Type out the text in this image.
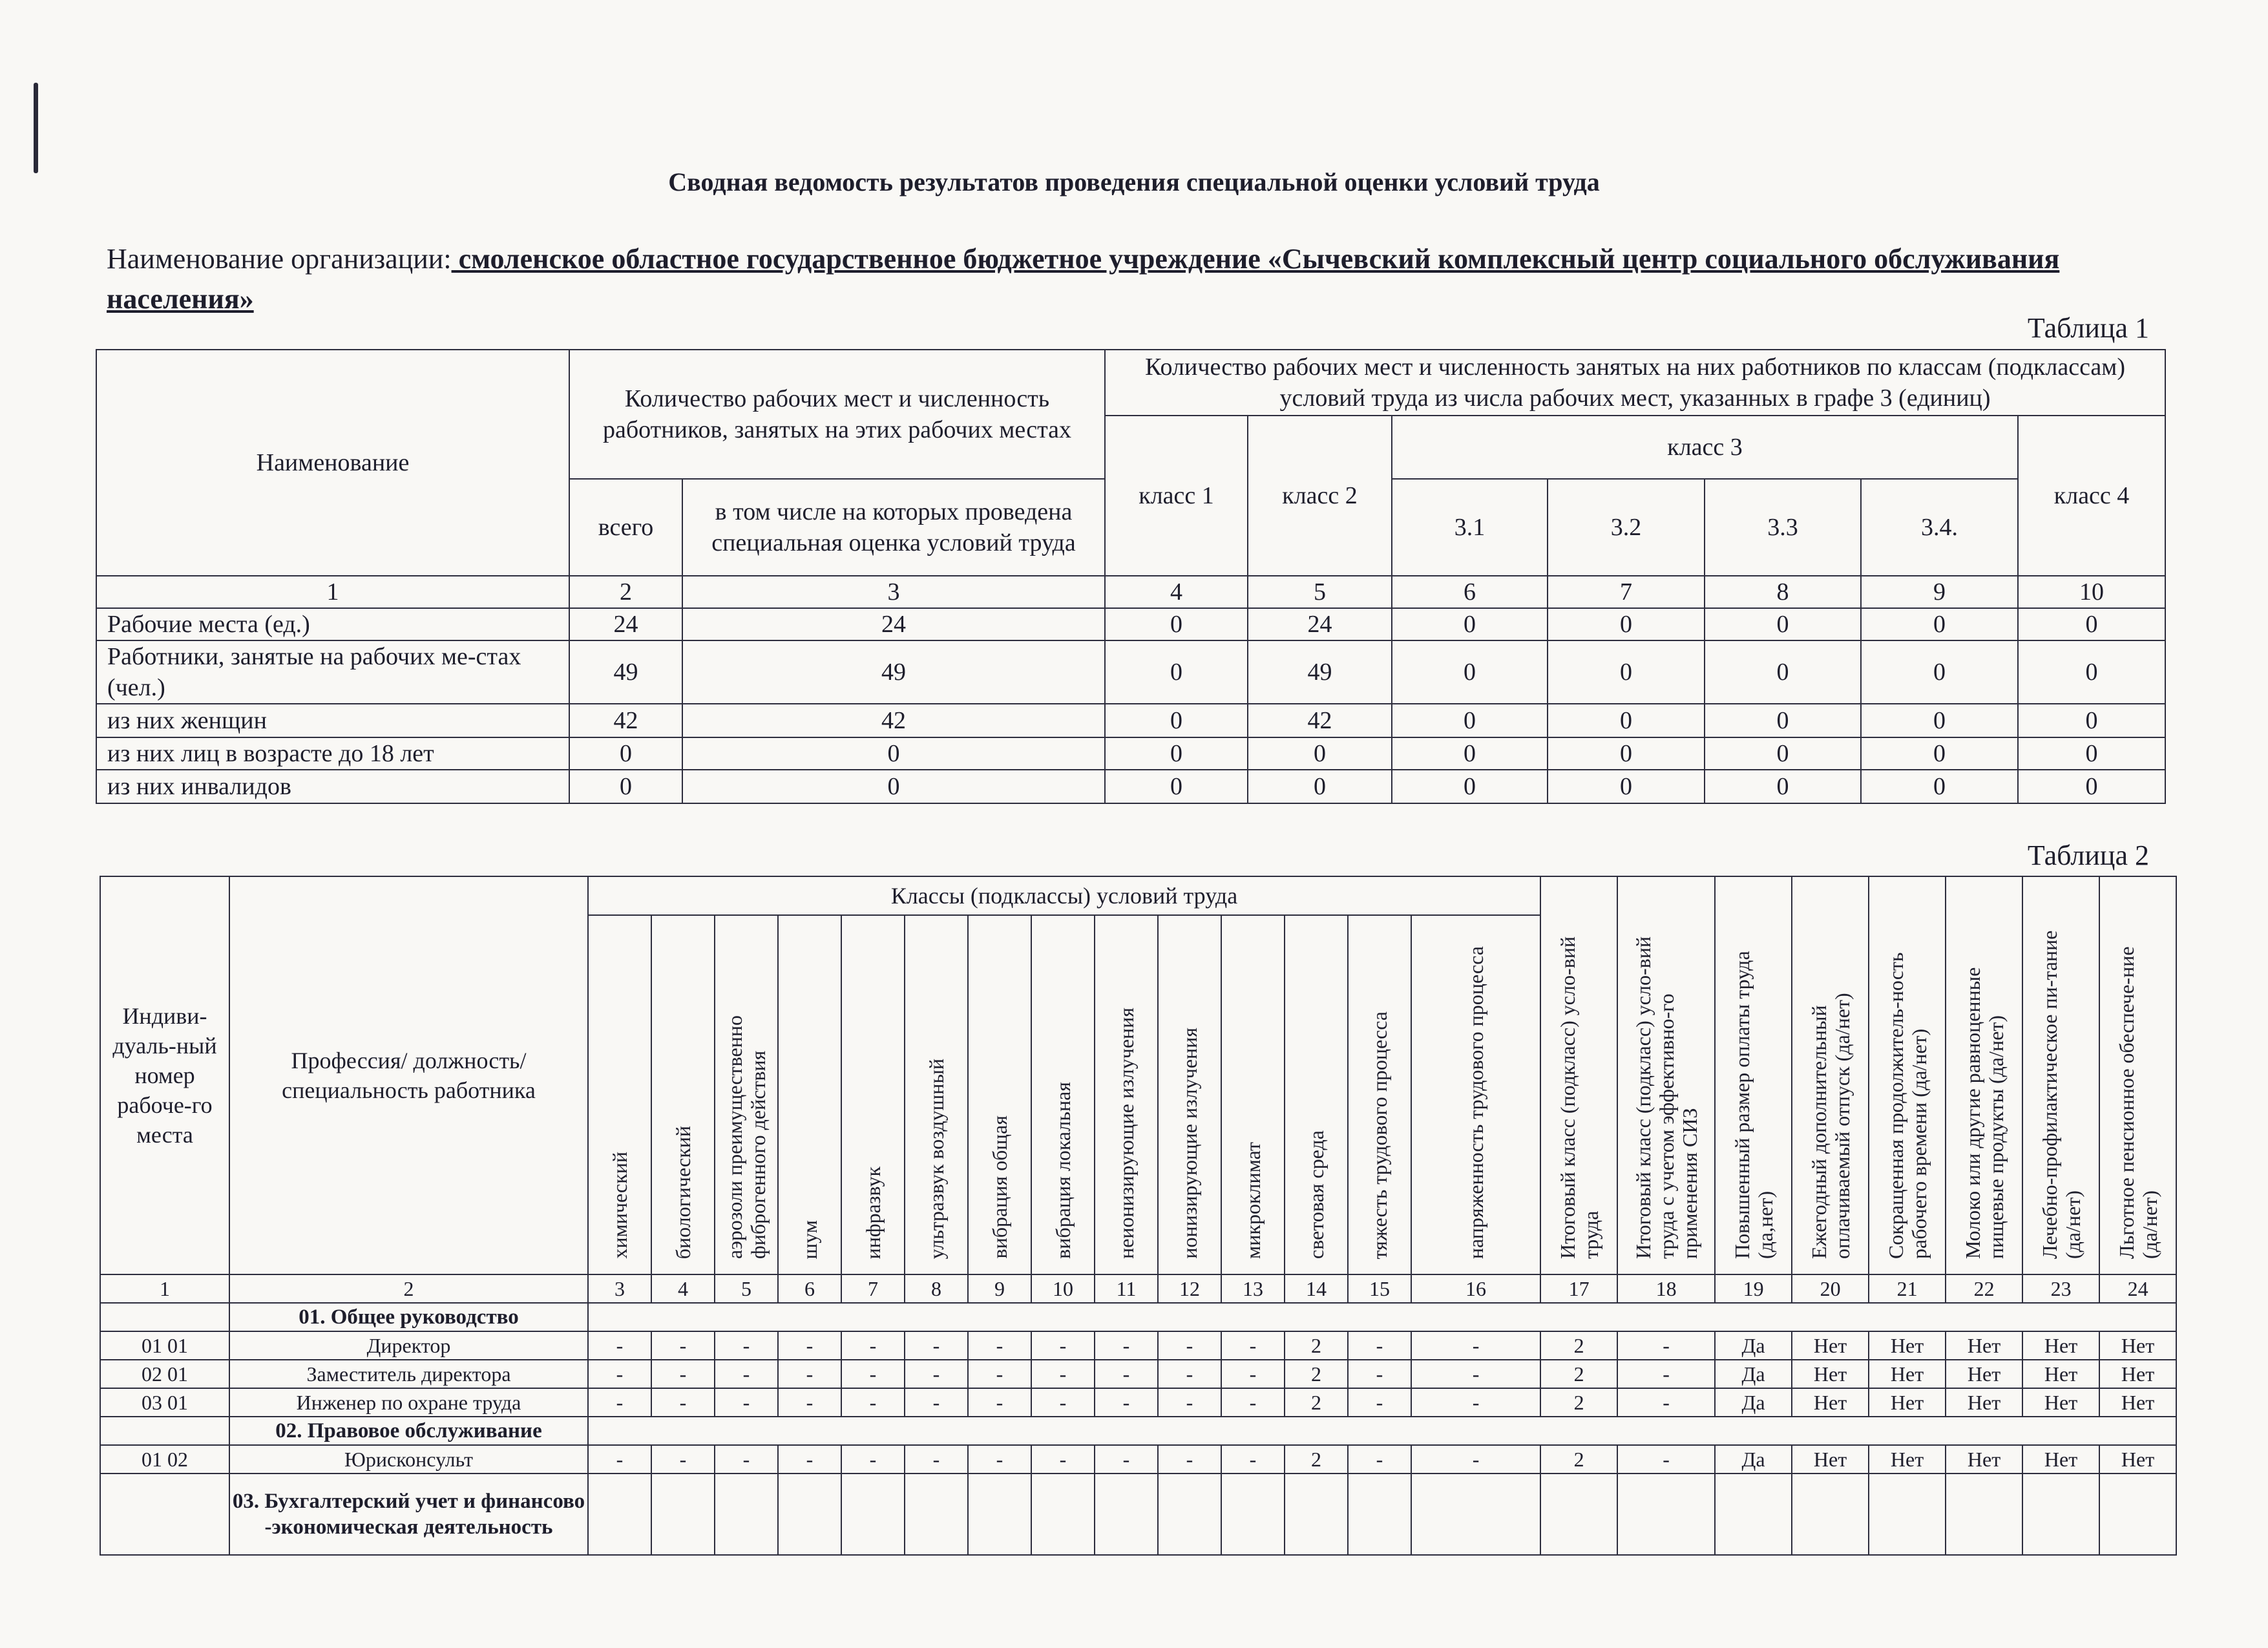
Сводная ведомость результатов проведения специальной оценки условий труда
Наименование организации: смоленское областное государственное бюджетное учреждение «Сычевский комплексный центр социального обслуживания населения»
Таблица 1
Наименование	Количество рабочих мест и численность работников, занятых на этих рабочих местах		Количество рабочих мест и численность занятых на них работников по классам (подклассам) условий труда из числа рабочих мест, указанных в графе 3 (единиц)						
			класс 1	класс 2	класс 3				класс 4
	всего	в том числе на которых проведена специальная оценка условий труда			3.1	3.2	3.3	3.4.	
1	2	3	4	5	6	7	8	9	10
Рабочие места (ед.)	24	24	0	24	0	0	0	0	0
Работники, занятые на рабочих ме-стах (чел.)	49	49	0	49	0	0	0	0	0
из них женщин	42	42	0	42	0	0	0	0	0
из них лиц в возрасте до 18 лет	0	0	0	0	0	0	0	0	0
из них инвалидов	0	0	0	0	0	0	0	0	0
Таблица 2
Индиви-дуаль-ный номер рабоче-го места	Профессия/ должность/ специальность работника	Классы (подклассы) условий труда														Итоговый класс (подкласс) усло-вий труда	Итоговый класс (подкласс) усло-вий труда с учетом эффективно-го применения СИЗ	Повышенный размер оплаты труда (да,нет)	Ежегодный дополнительный оплачиваемый отпуск (да/нет)	Сокращенная продолжитель-ность рабочего времени (да/нет)	Молоко или другие равноценные пищевые продукты (да/нет)	Лечебно-профилактическое пи-тание (да/нет)	Льготное пенсионное обеспече-ние (да/нет)
		химический	биологический	аэрозоли преимущественно фиброгенного действия	шум	инфразвук	ультразвук воздушный	вибрация общая	вибрация локальная	неионизирующие излучения	ионизирующие излучения	микроклимат	световая среда	тяжесть трудового процесса	напряженность трудового процесса								
1	2	3	4	5	6	7	8	9	10	11	12	13	14	15	16	17	18	19	20	21	22	23	24
	01. Общее руководство																						
01 01	Директор	-	-	-	-	-	-	-	-	-	-	-	2	-	-	2	-	Да	Нет	Нет	Нет	Нет	Нет
02 01	Заместитель директора	-	-	-	-	-	-	-	-	-	-	-	2	-	-	2	-	Да	Нет	Нет	Нет	Нет	Нет
03 01	Инженер по охране труда	-	-	-	-	-	-	-	-	-	-	-	2	-	-	2	-	Да	Нет	Нет	Нет	Нет	Нет
	02. Правовое обслуживание																						
01 02	Юрисконсульт	-	-	-	-	-	-	-	-	-	-	-	2	-	-	2	-	Да	Нет	Нет	Нет	Нет	Нет
	03. Бухгалтерский учет и финансово -экономическая деятельность																						
